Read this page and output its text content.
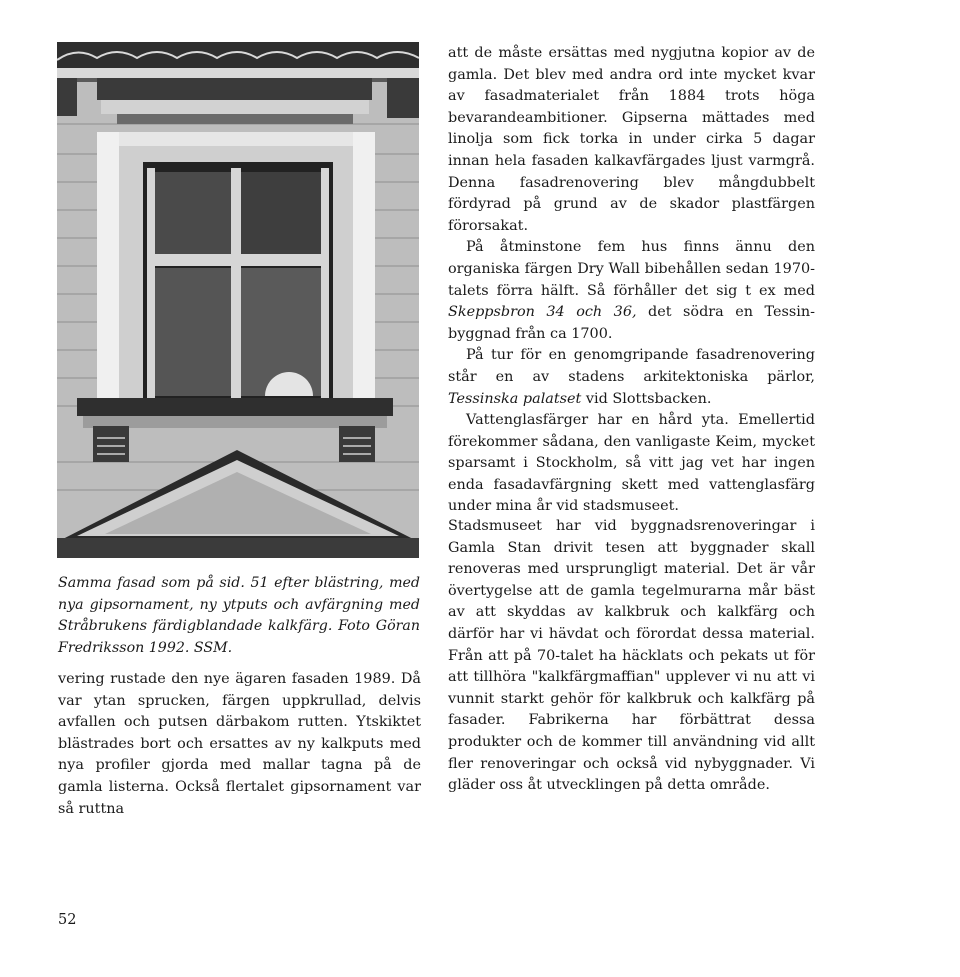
Samma fasad som på sid. 51 efter blästring, med nya gipsornament, ny ytputs och avfärgning med Stråbrukens färdigblandade kalkfärg. Foto Göran Fredriksson 1992. SSM.

vering rustade den nye ägaren fasaden 1989. Då var ytan sprucken, färgen uppkrullad, delvis avfallen och putsen därbakom rutten. Ytskiktet blästrades bort och ersattes av ny kalkputs med nya profiler gjorda med mallar tagna på de gamla listerna. Också flertalet gipsornament var så ruttna

att de måste ersättas med nygjutna kopior av de gamla. Det blev med andra ord inte mycket kvar av fasadmaterialet från 1884 trots höga bevarandeambitioner. Gipserna mättades med linolja som fick torka in under cirka 5 dagar innan hela fasaden kalkavfärgades ljust varmgrå. Denna fasadrenovering blev mångdubbelt fördyrad på grund av de skador plastfärgen förorsakat.

På åtminstone fem hus finns ännu den organiska färgen Dry Wall bibehållen sedan 1970-talets förra hälft. Så förhåller det sig t ex med Skeppsbron 34 och 36, det södra en Tessin-byggnad från ca 1700.

På tur för en genomgripande fasadrenovering står en av stadens arkitektoniska pärlor, Tessinska palatset vid Slottsbacken.

Vattenglasfärger har en hård yta. Emellertid förekommer sådana, den vanligaste Keim, mycket sparsamt i Stockholm, så vitt jag vet har ingen enda fasadavfärgning skett med vattenglasfärg under mina år vid stadsmuseet.

Stadsmuseet har vid byggnadsrenoveringar i Gamla Stan drivit tesen att byggnader skall renoveras med ursprungligt material. Det är vår övertygelse att de gamla tegelmurarna mår bäst av att skyddas av kalkbruk och kalkfärg och därför har vi hävdat och förordat dessa material. Från att på 70-talet ha häcklats och pekats ut för att tillhöra "kalkfärgmaffian" upplever vi nu att vi vunnit starkt gehör för kalkbruk och kalkfärg på fasader. Fabrikerna har förbättrat dessa produkter och de kommer till användning vid allt fler renoveringar och också vid nybyggnader. Vi gläder oss åt utvecklingen på detta område.

52
